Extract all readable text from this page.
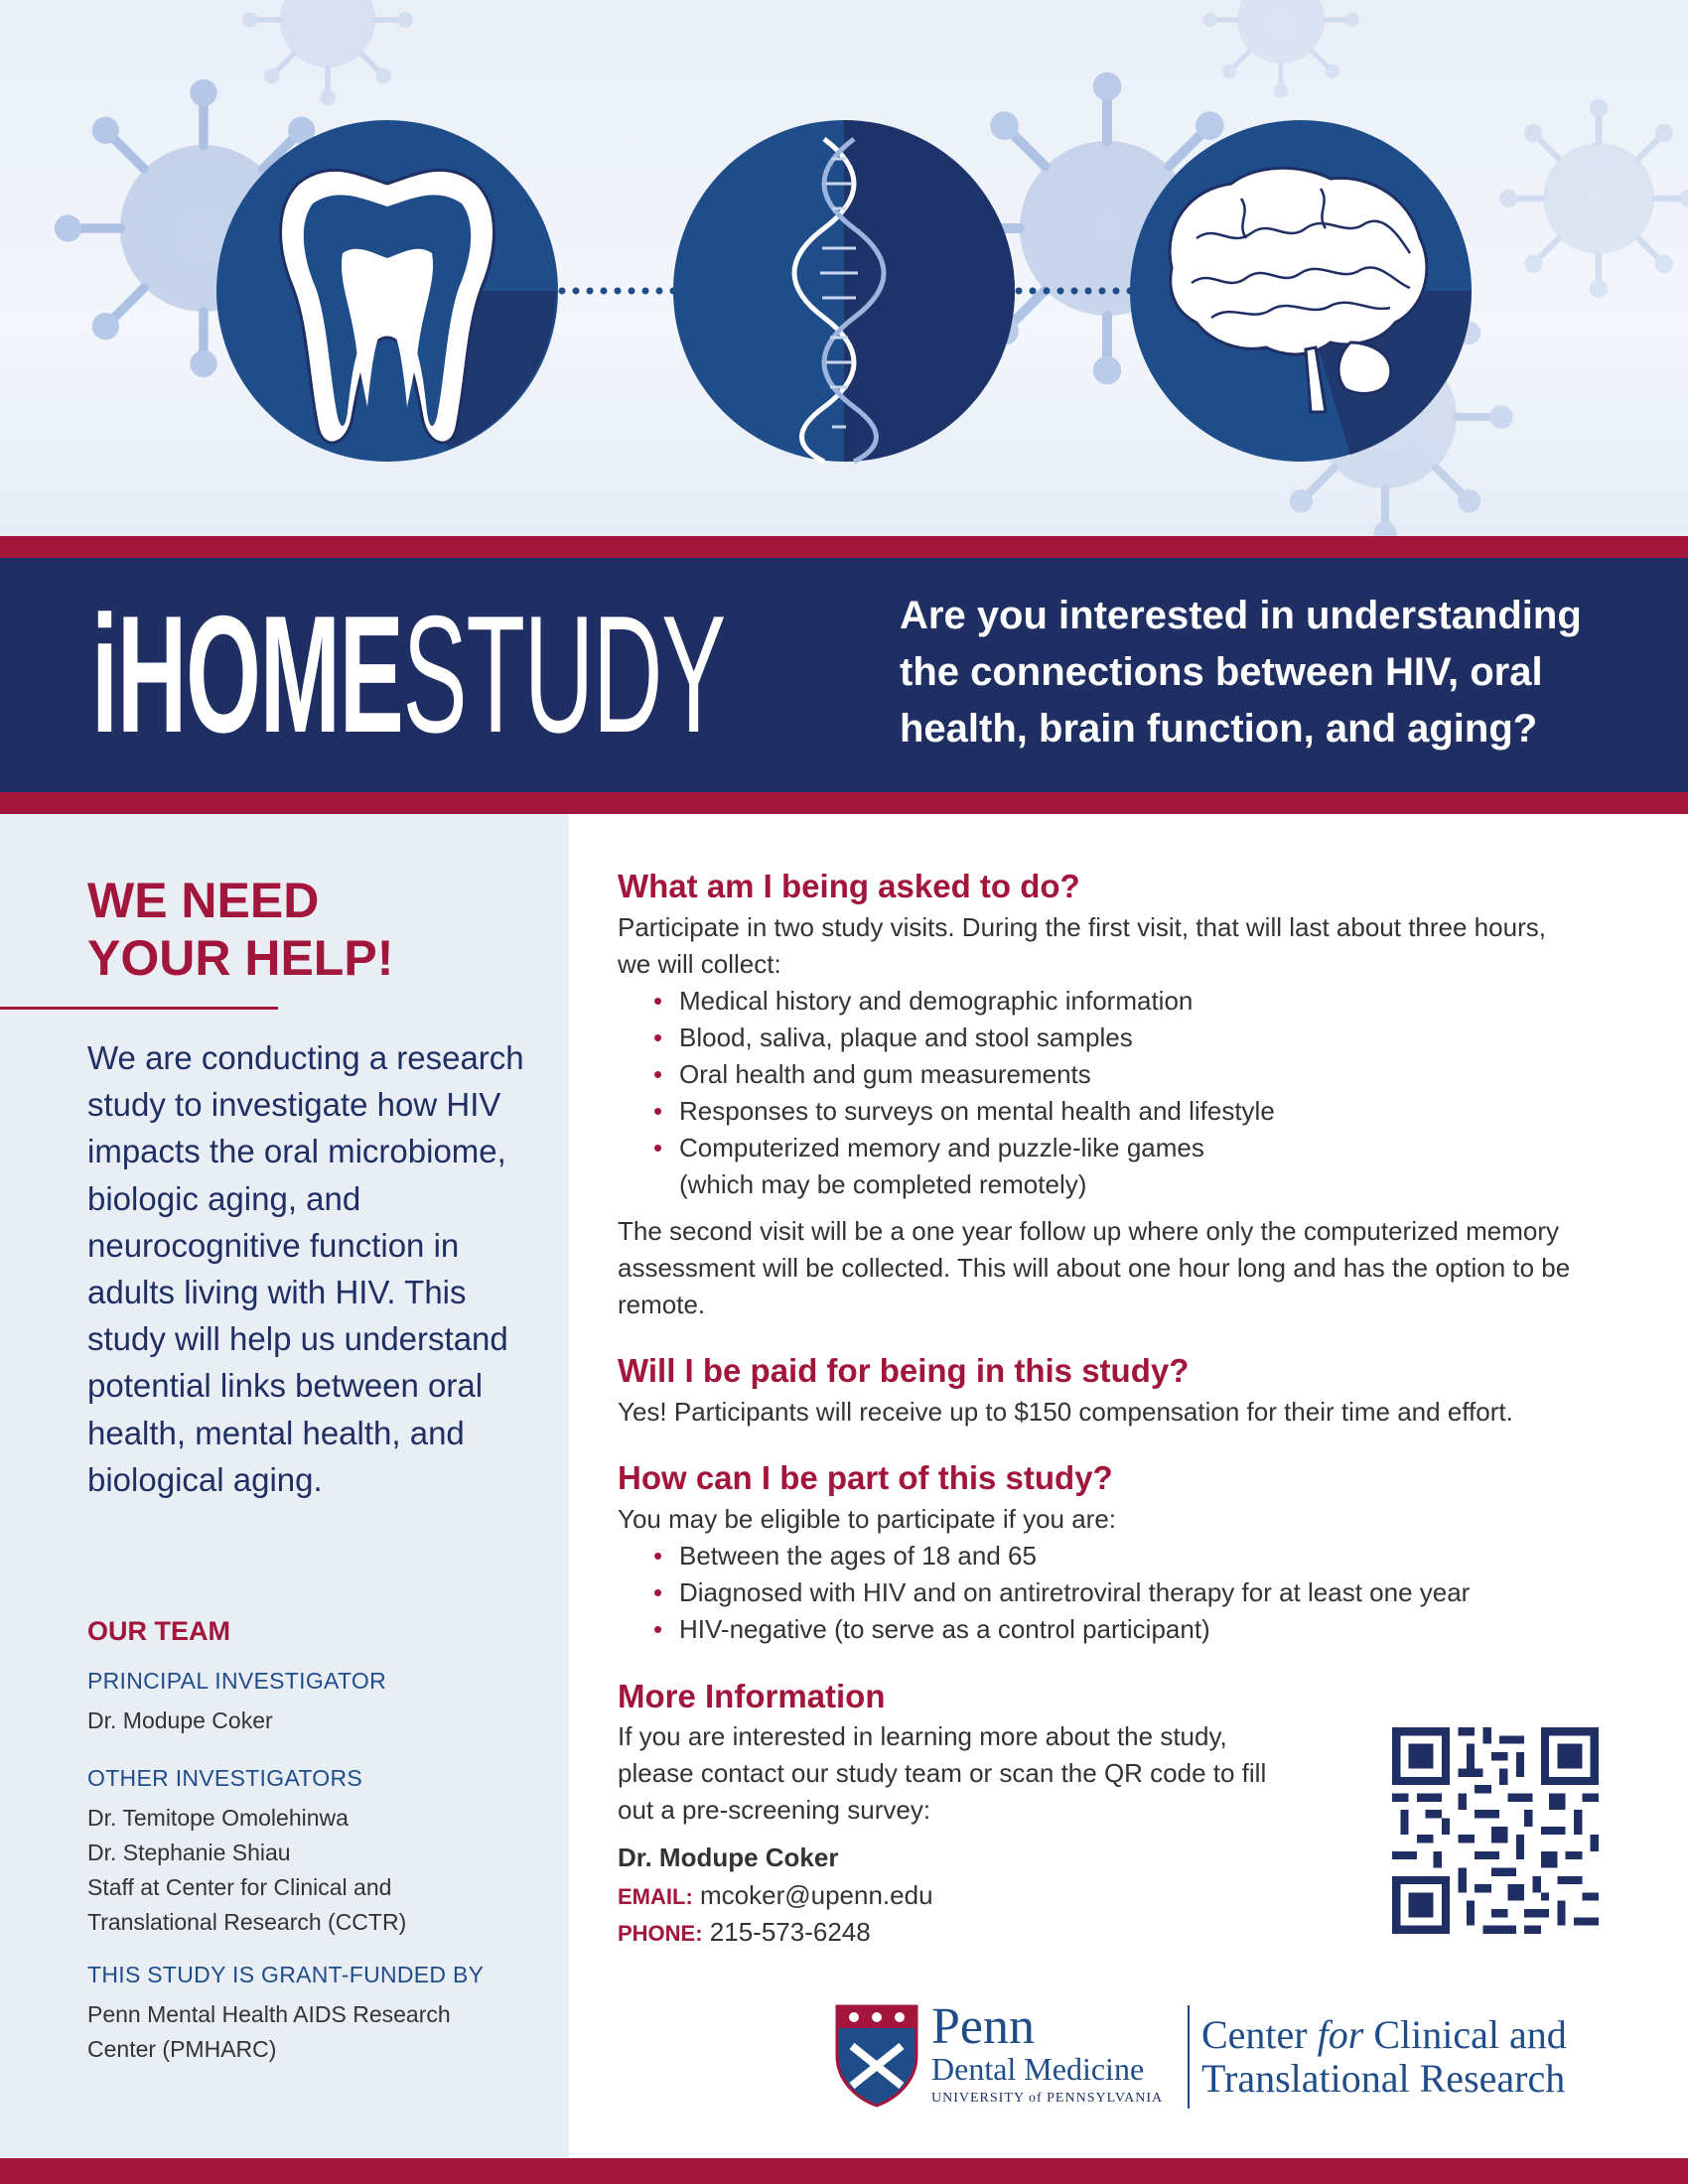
iHOMESTUDY	Are you interested in understanding the connections between HIV, oral health, brain function, and aging?
WE NEED
YOUR HELP!
We are conducting a research study to investigate how HIV impacts the oral microbiome, biologic aging, and neurocognitive function in adults living with HIV. This study will help us understand potential links between oral health, mental health, and biological aging.
OUR TEAM
PRINCIPAL INVESTIGATOR
Dr. Modupe Coker
OTHER INVESTIGATORS
Dr. Temitope Omolehinwa
Dr. Stephanie Shiau
Staff at Center for Clinical and
Translational Research (CCTR)
THIS STUDY IS GRANT-FUNDED BY
Penn Mental Health AIDS Research
Center (PMHARC)
What am I being asked to do?
Participate in two study visits. During the first visit, that will last about three hours, we will collect:
• Medical history and demographic information
• Blood, saliva, plaque and stool samples
• Oral health and gum measurements
• Responses to surveys on mental health and lifestyle
• Computerized memory and puzzle-like games (which may be completed remotely)
The second visit will be a one year follow up where only the computerized memory assessment will be collected. This will about one hour long and has the option to be remote.
Will I be paid for being in this study?
Yes! Participants will receive up to $150 compensation for their time and effort.
How can I be part of this study?
You may be eligible to participate if you are:
• Between the ages of 18 and 65
• Diagnosed with HIV and on antiretroviral therapy for at least one year
• HIV-negative (to serve as a control participant)
More Information
If you are interested in learning more about the study,
please contact our study team or scan the QR code to fill
out a pre-screening survey:
Dr. Modupe Coker
EMAIL: mcoker@upenn.edu
PHONE: 215-573-6248
Penn
Dental Medicine
UNIVERSITY of PENNSYLVANIA
Center for Clinical and
Translational Research
